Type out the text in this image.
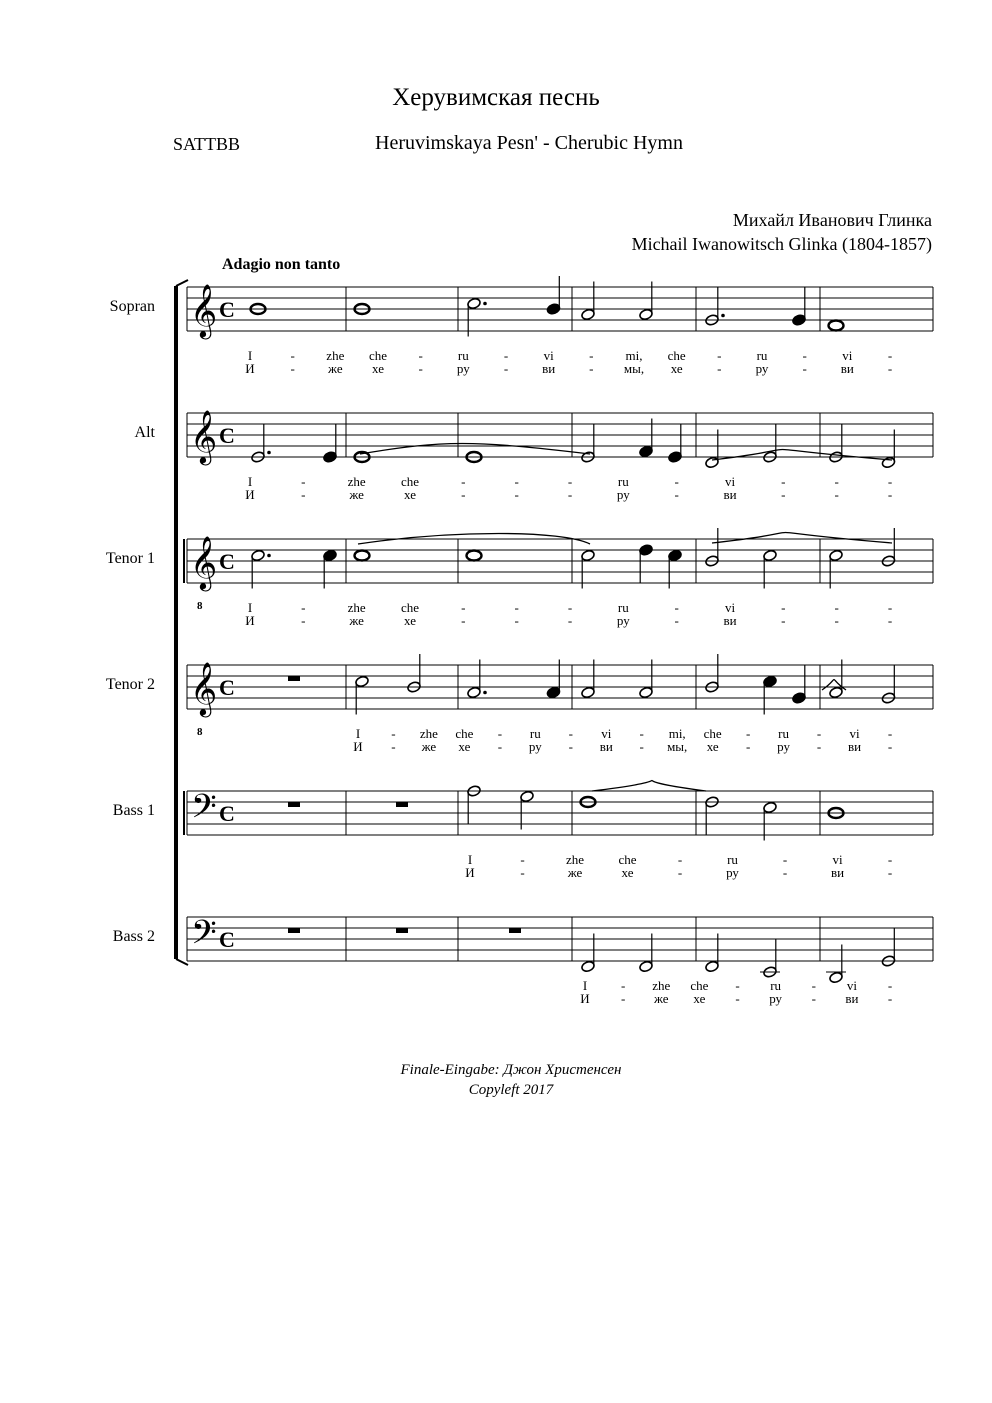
Херувимская песнь
SATTBB	Heruvimskaya Pesn' - Cherubic Hymn
Михайл Ивaнович Глинка
Michail Iwanowitsch Glinka (1804-1857)
Adagio non tanto
Sopran
Alt
Tenor 1
Tenor 2
Bass 1
Bass 2
𝄞 C
I
И
-
-
zhe
же
che
хе
-
-
ru
ру
-
-
vi
ви
-
-
mi,
мы,
che
хе
-
-
ru
ру
-
-
vi
ви
-
-
𝄞 C
I
И
-
-
zhe
же
che
хе
-
-
-
-
-
-
ru
ру
-
-
vi
ви
-
-
-
-
-
-
𝄞
8
C
I
И
-
-
zhe
же
che
хе
-
-
-
-
-
-
ru
ру
-
-
vi
ви
-
-
-
-
-
-
𝄞
8
C
I
И
-
-
zhe
же
che
хе
-
-
ru
ру
-
-
vi
ви
-
-
mi,
мы,
che
хе
-
-
ru
ру
-
-
vi
ви
-
-
𝄢 C
I
И
-
-
zhe
же
che
хе
-
-
ru
ру
-
-
vi
ви
-
-
𝄢 C
I
И
-
-
zhe
же
che
хе
-
-
ru
ру
-
-
vi
ви
-
-
Finale-Eingabe: Джон Христенсен
Copyleft 2017
